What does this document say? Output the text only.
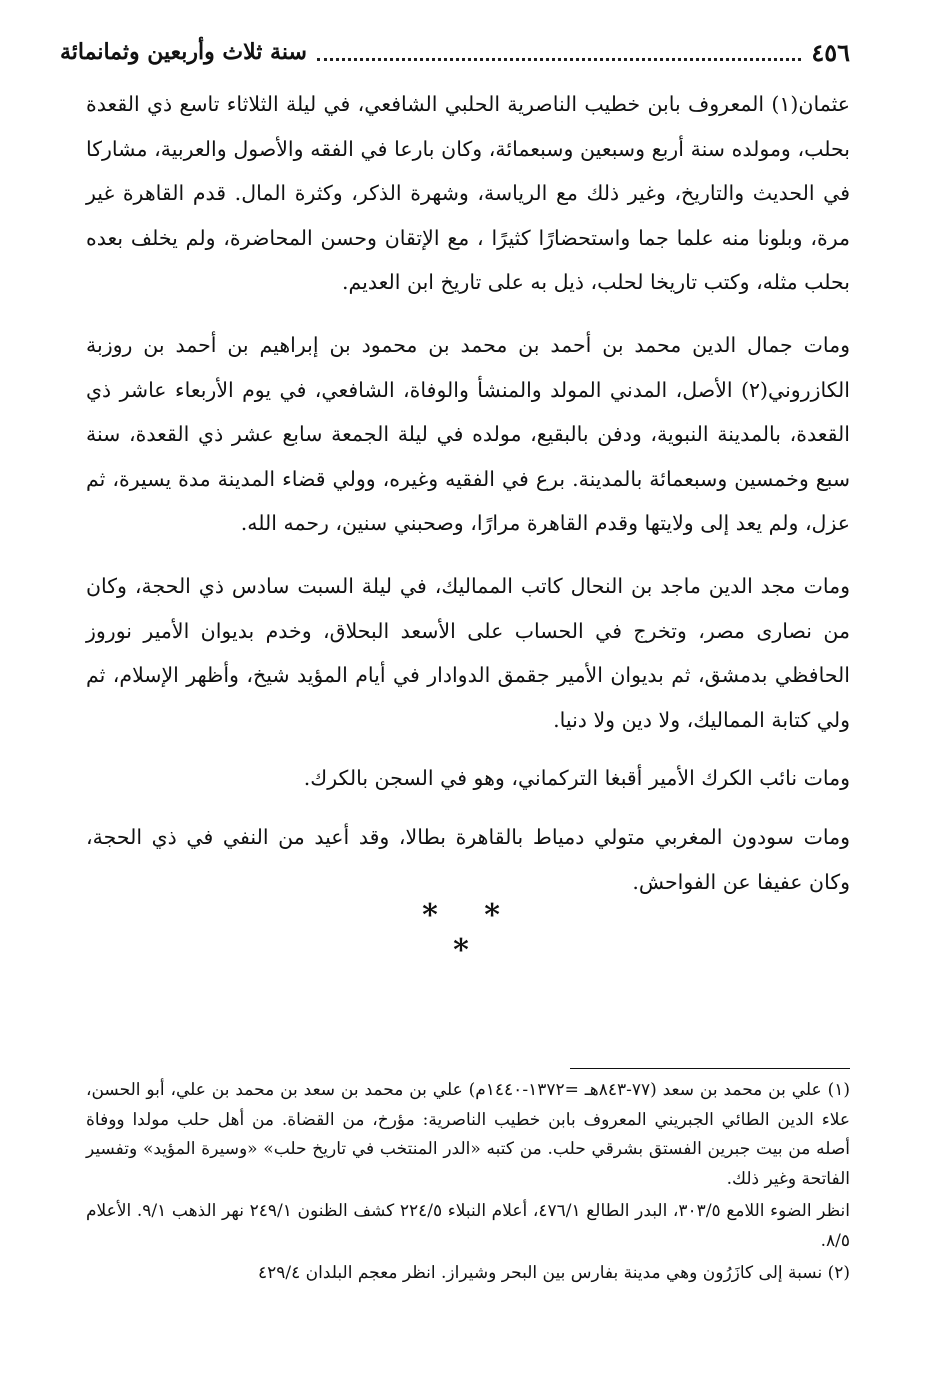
٤٥٦
سنة ثلاث وأربعين وثمانمائة

عثمان(١) المعروف بابن خطيب الناصرية الحلبي الشافعي، في ليلة الثلاثاء تاسع ذي القعدة بحلب، ومولده سنة أربع وسبعين وسبعمائة، وكان بارعا في الفقه والأصول والعربية، مشاركا في الحديث والتاريخ، وغير ذلك مع الرياسة، وشهرة الذكر، وكثرة المال. قدم القاهرة غير مرة، وبلونا منه علما جما واستحضارًا كثيرًا ، مع الإتقان وحسن المحاضرة، ولم يخلف بعده بحلب مثله، وكتب تاريخا لحلب، ذيل به على تاريخ ابن العديم.

ومات جمال الدين محمد بن أحمد بن محمد بن محمود بن إبراهيم بن أحمد بن روزبة الكازروني(٢) الأصل، المدني المولد والمنشأ والوفاة، الشافعي، في يوم الأربعاء عاشر ذي القعدة، بالمدينة النبوية، ودفن بالبقيع، مولده في ليلة الجمعة سابع عشر ذي القعدة، سنة سبع وخمسين وسبعمائة بالمدينة. برع في الفقيه وغيره، وولي قضاء المدينة مدة يسيرة، ثم عزل، ولم يعد إلى ولايتها وقدم القاهرة مرارًا، وصحبني سنين، رحمه الله.

ومات مجد الدين ماجد بن النحال كاتب المماليك، في ليلة السبت سادس ذي الحجة، وكان من نصارى مصر، وتخرج في الحساب على الأسعد البحلاق، وخدم بديوان الأمير نوروز الحافظي بدمشق، ثم بديوان الأمير جقمق الدوادار في أيام المؤيد شيخ، وأظهر الإسلام، ثم ولي كتابة المماليك، ولا دين ولا دنيا.

ومات نائب الكرك الأمير أقبغا التركماني، وهو في السجن بالكرك.

ومات سودون المغربي متولي دمياط بالقاهرة بطالا، وقد أعيد من النفي في ذي الحجة، وكان عفيفا عن الفواحش.

* * *

(١) علي بن محمد بن سعد (٧٧-٨٤٣هـ =١٣٧٢-١٤٤٠م) علي بن محمد بن سعد بن محمد بن علي، أبو الحسن، علاء الدين الطائي الجبريني المعروف بابن خطيب الناصرية: مؤرخ، من القضاة. من أهل حلب مولدا ووفاة أصله من بيت جبرين الفستق بشرقي حلب. من كتبه «الدر المنتخب في تاريخ حلب» «وسيرة المؤيد» وتفسير الفاتحة وغير ذلك.

انظر الضوء اللامع ٣٠٣/٥، البدر الطالع ٤٧٦/١، أعلام النبلاء ٢٢٤/٥ كشف الظنون ٢٤٩/١ نهر الذهب ٩/١. الأعلام ٨/٥.

(٢) نسبة إلى كازَرُون وهي مدينة بفارس بين البحر وشيراز. انظر معجم البلدان ٤٢٩/٤
